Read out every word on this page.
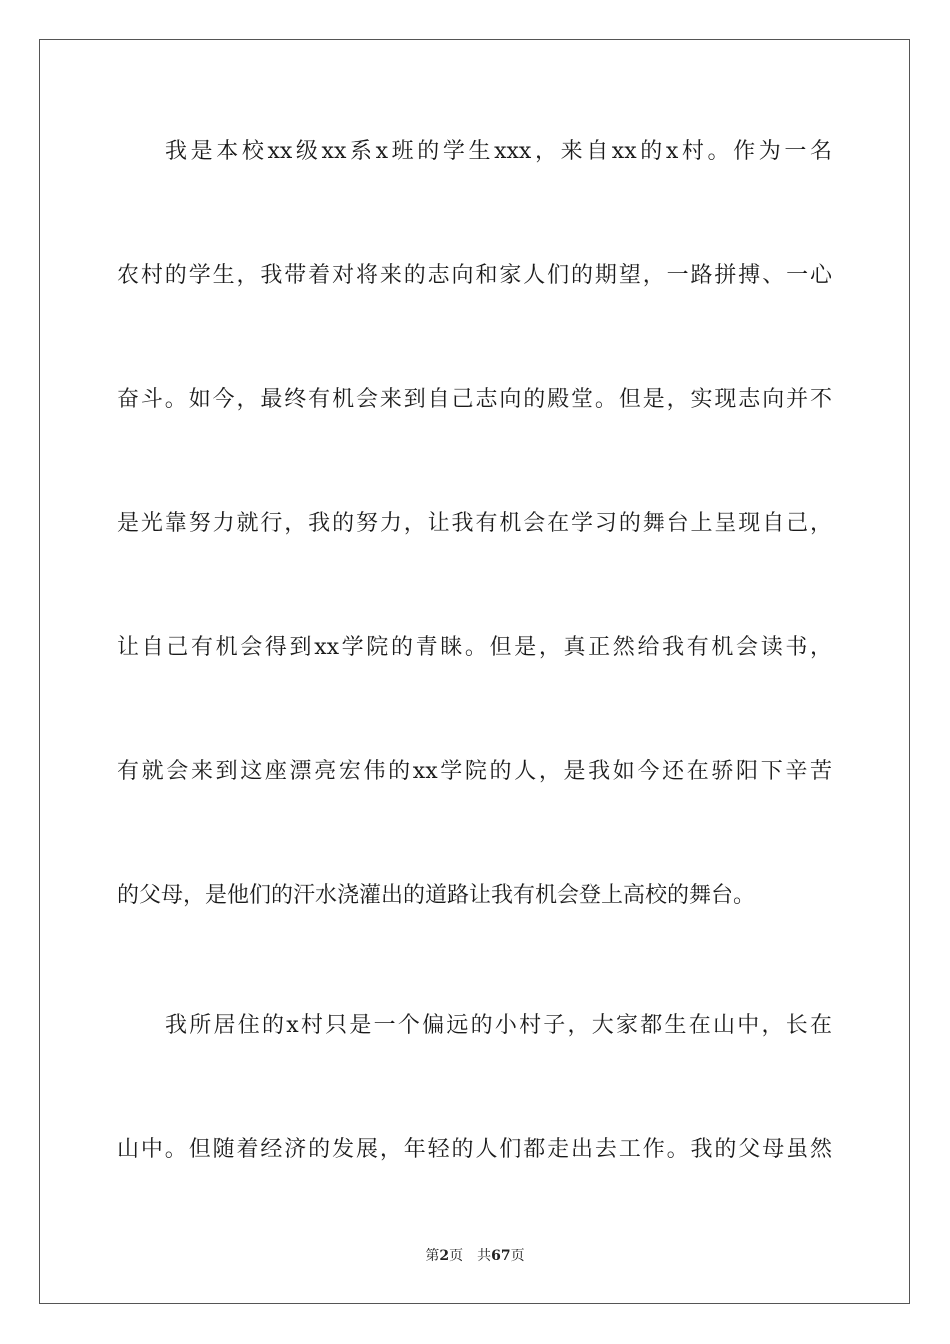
我是本校xx级xx系x班的学生xxx，来自xx的x村。作为一名
农村的学生，我带着对将来的志向和家人们的期望，一路拼搏、一心
奋斗。如今，最终有机会来到自己志向的殿堂。但是，实现志向并不
是光靠努力就行，我的努力，让我有机会在学习的舞台上呈现自己，
让自己有机会得到xx学院的青睐。但是，真正然给我有机会读书，
有就会来到这座漂亮宏伟的xx学院的人，是我如今还在骄阳下辛苦
的父母，是他们的汗水浇灌出的道路让我有机会登上高校的舞台。
我所居住的x村只是一个偏远的小村子，大家都生在山中，长在
山中。但随着经济的发展，年轻的人们都走出去工作。我的父母虽然
第2页 共67页
